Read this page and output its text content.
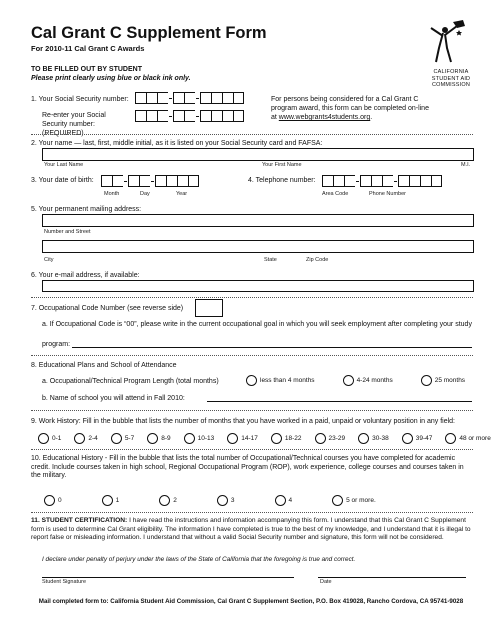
Cal Grant C Supplement Form
For 2010-11 Cal Grant C Awards
TO BE FILLED OUT BY STUDENT
Please print clearly using blue or black ink only.
CALIFORNIA
STUDENT AID
COMMISSION
1. Your Social Security number:
Re-enter your Social Security number: (REQUIRED)
For persons being considered for a Cal Grant C program award, this form can be completed on-line at www.webgrants4students.org.
2. Your name — last, first, middle initial, as it is listed on your Social Security card and FAFSA:
Your Last Name	Your First Name	M.I.
3. Your date of birth:
Month	Day	Year
4. Telephone number:
Area Code	Phone Number
5. Your permanent mailing address:
Number and Street
City	State	Zip Code
6. Your e-mail address, if available:
7. Occupational Code Number (see reverse side)
a. If Occupational Code is “00”, please write in the current occupational goal in which you will seek employment after completing your study
program:
8. Educational Plans and School of Attendance
a. Occupational/Technical Program Length (total months)	less than 4 months	4-24 months	25 months
b. Name of school you will attend in Fall 2010:
9. Work History: Fill in the bubble that lists the number of months that you have worked in a paid, unpaid or voluntary position in any field:
0-1	2-4	5-7	8-9	10-13	14-17	18-22	23-29	30-38	39-47	48 or more
10. Educational History - Fill in the bubble that lists the total number of Occupational/Technical courses you have completed for academic credit. Include courses taken in high school, Regional Occupational Program (ROP), work experience, college courses and courses taken in the military.
0	1	2	3	4	5 or more.
11. STUDENT CERTIFICATION: I have read the instructions and information accompanying this form. I understand that this Cal Grant C Supplement form is used to determine Cal Grant eligibility. The information I have completed is true to the best of my knowledge, and I understand that it is illegal to report false or misleading information. I understand that without a valid Social Security number and signature, this form will not be considered.
I declare under penalty of perjury under the laws of the State of California that the foregoing is true and correct.
Student Signature	Date
Mail completed form to: California Student Aid Commission, Cal Grant C Supplement Section, P.O. Box 419028, Rancho Cordova, CA 95741-9028
